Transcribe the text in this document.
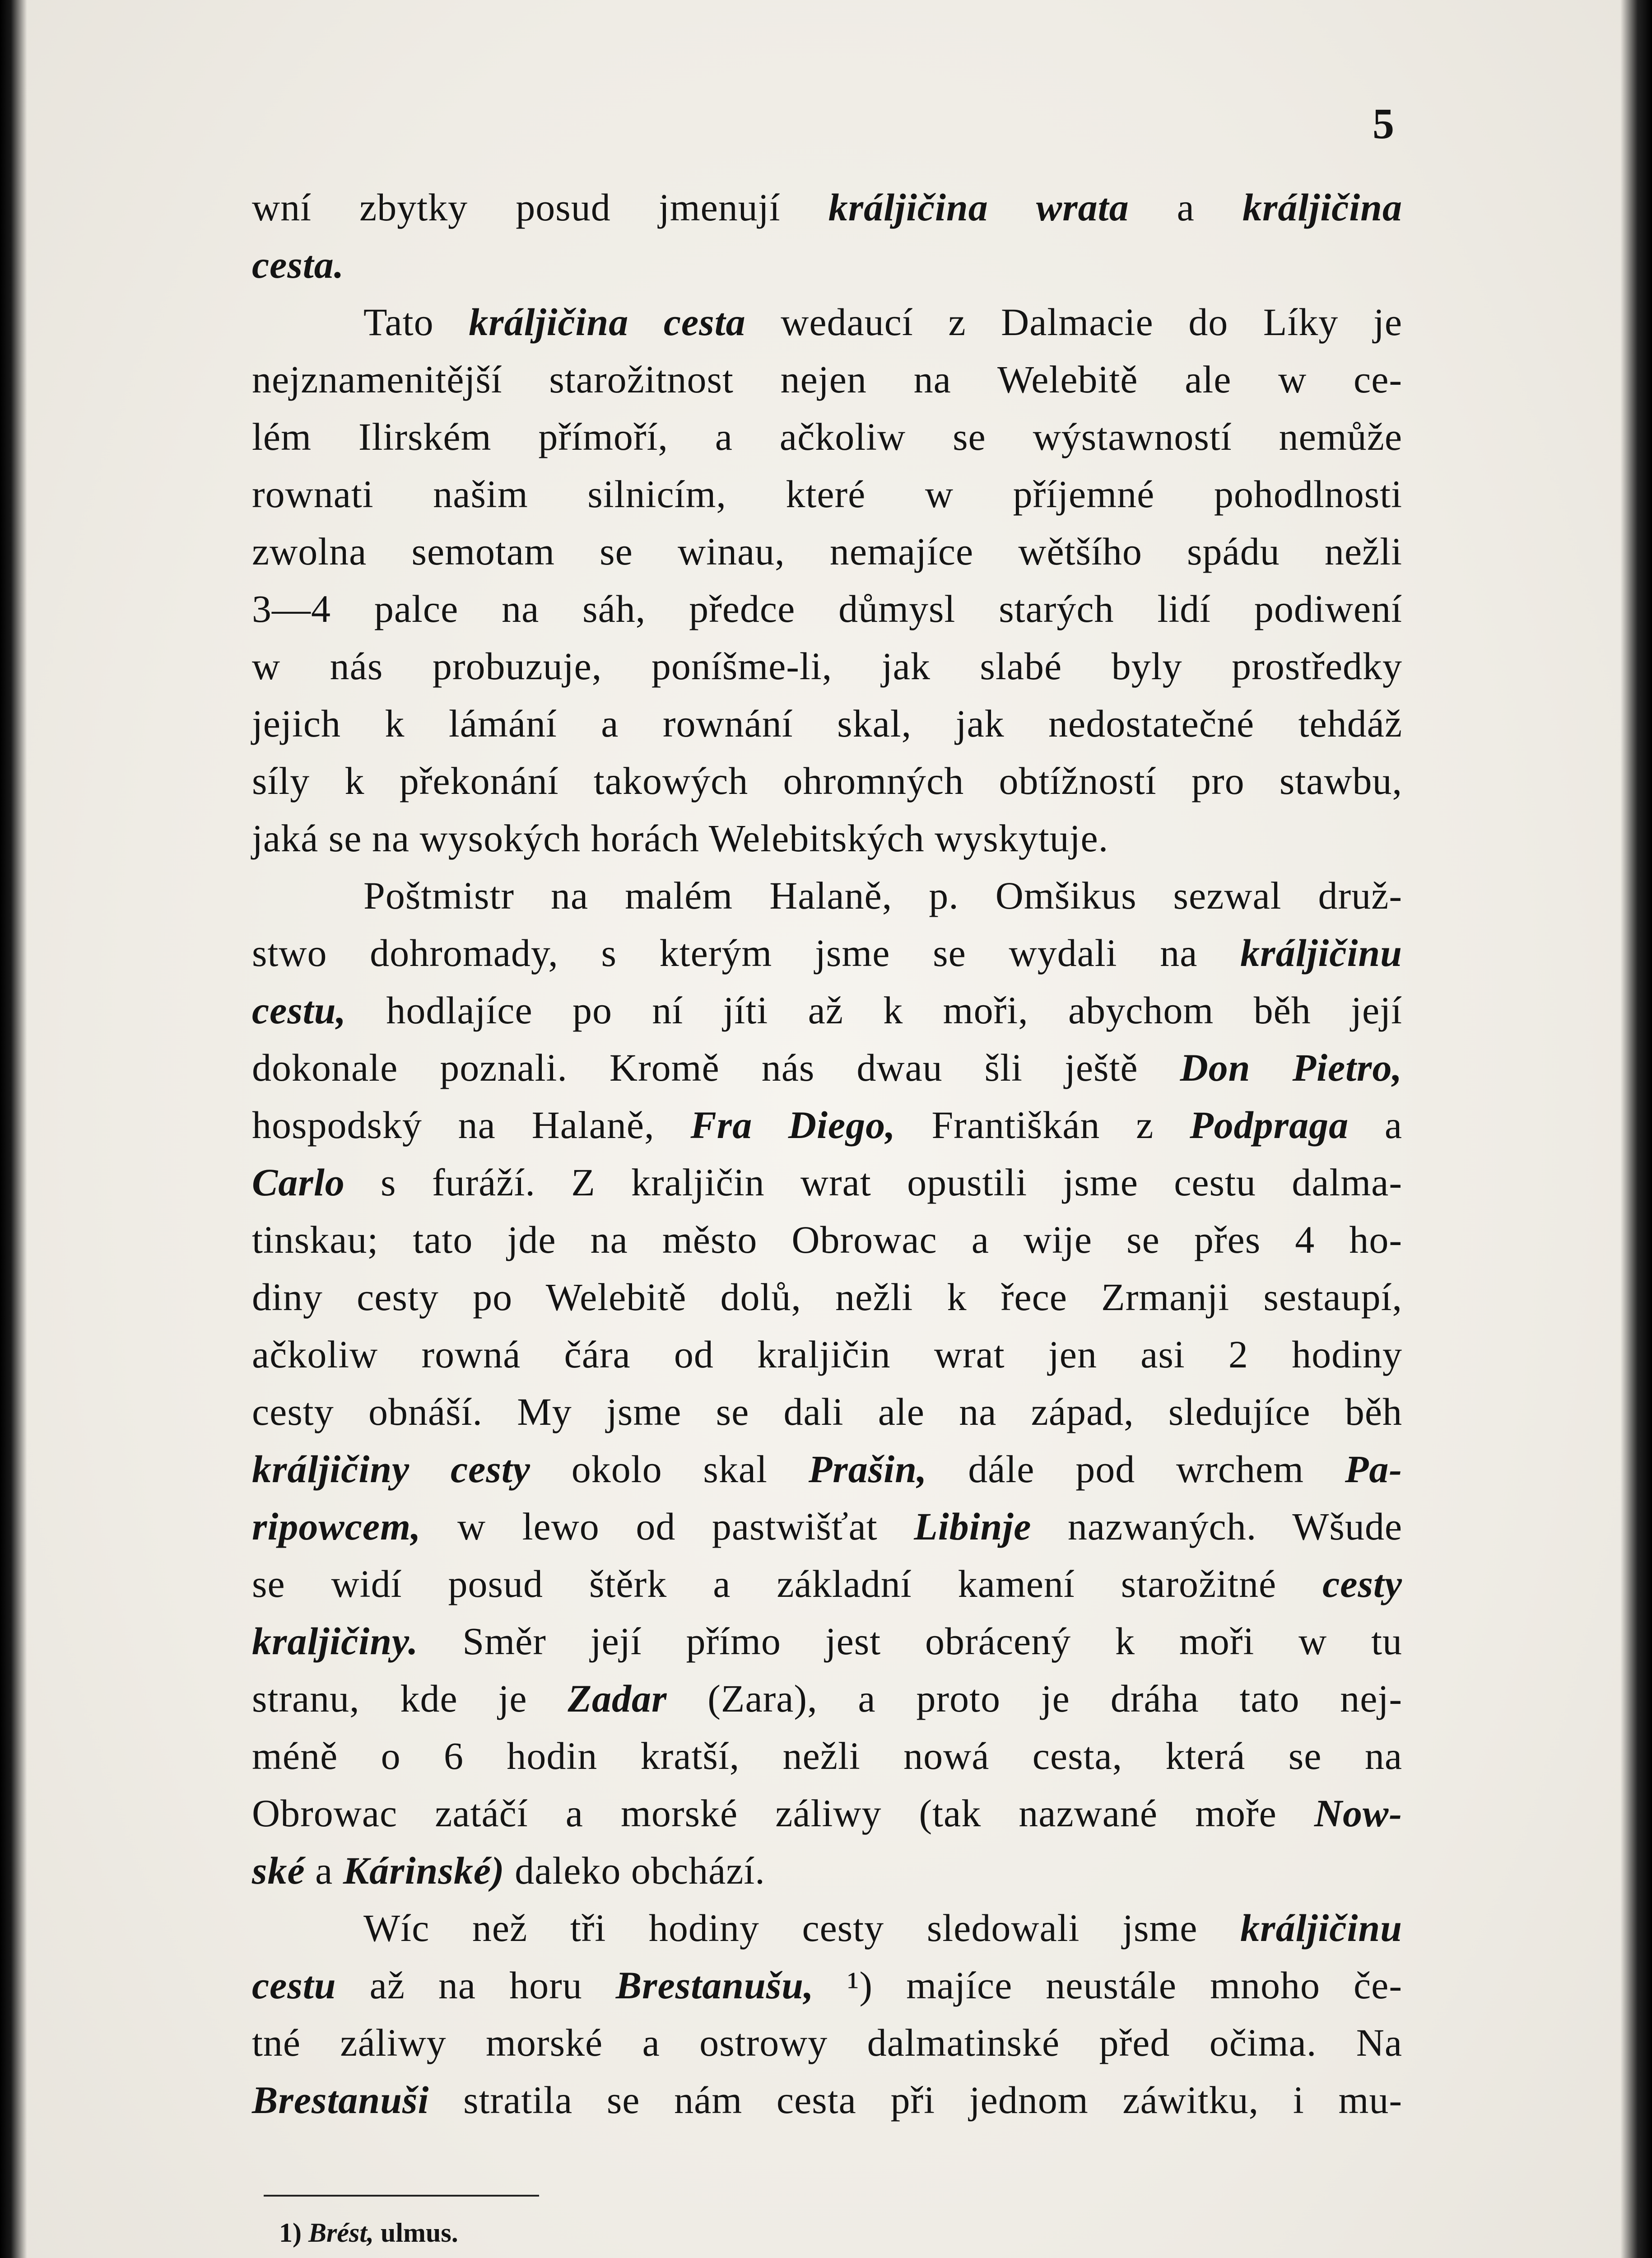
5
wní zbytky posud jmenují králjičina wrata a králjičina
cesta.
Tato králjičina cesta wedaucí z Dalmacie do Líky je
nejznamenitější starožitnost nejen na Welebitě ale w ce-
lém Ilirském přímoří, a ačkoliw se wýstawností nemůže
rownati našim silnicím, které w příjemné pohodlnosti
zwolna semotam se winau, nemajíce wětšího spádu nežli
3—4 palce na sáh, předce důmysl starých lidí podiwení
w nás probuzuje, poníšme-li, jak slabé byly prostředky
jejich k lámání a rownání skal, jak nedostatečné tehdáž
síly k překonání takowých ohromných obtížností pro stawbu,
jaká se na wysokých horách Welebitských wyskytuje.
Poštmistr na malém Halaně, p. Omšikus sezwal druž-
stwo dohromady, s kterým jsme se wydali na králjičinu
cestu, hodlajíce po ní jíti až k moři, abychom běh její
dokonale poznali. Kromě nás dwau šli ještě Don Pietro,
hospodský na Halaně, Fra Diego, Františkán z Podpraga a
Carlo s furáží. Z kraljičin wrat opustili jsme cestu dalma-
tinskau; tato jde na město Obrowac a wije se přes 4 ho-
diny cesty po Welebitě dolů, nežli k řece Zrmanji sestaupí,
ačkoliw rowná čára od kraljičin wrat jen asi 2 hodiny
cesty obnáší. My jsme se dali ale na západ, sledujíce běh
králjičiny cesty okolo skal Prašin, dále pod wrchem Pa-
ripowcem, w lewo od pastwišťat Libinje nazwaných. Wšude
se widí posud štěrk a základní kamení starožitné cesty
kraljičiny. Směr její přímo jest obrácený k moři w tu
stranu, kde je Zadar (Zara), a proto je dráha tato nej-
méně o 6 hodin kratší, nežli nowá cesta, která se na
Obrowac zatáčí a morské záliwy (tak nazwané moře Now-
ské a Kárinské) daleko obchází.
Wíc než tři hodiny cesty sledowali jsme králjičinu
cestu až na horu Brestanušu, ¹) majíce neustále mnoho če-
tné záliwy morské a ostrowy dalmatinské před očima. Na
Brestanuši stratila se nám cesta při jednom záwitku, i mu-
1) Brést, ulmus.
